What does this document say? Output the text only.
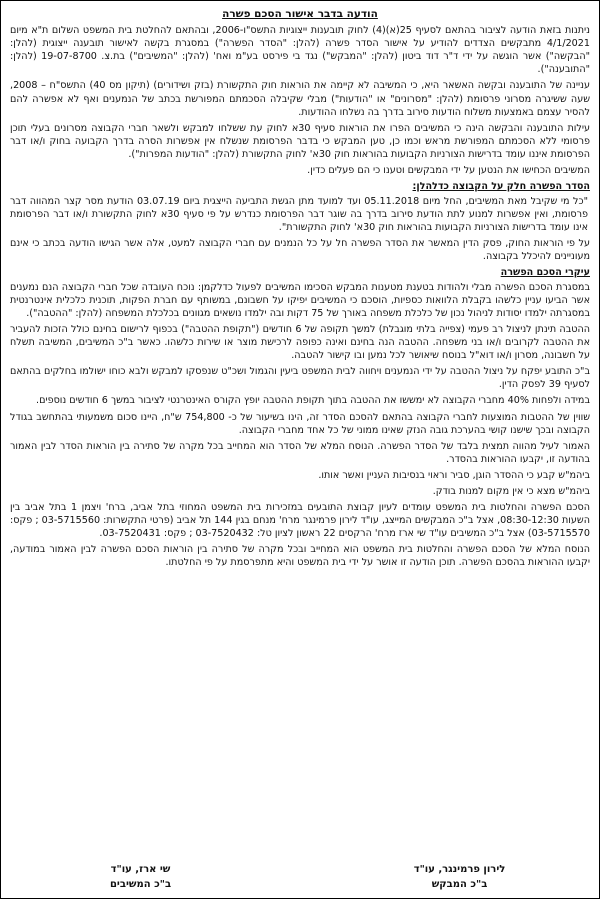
הודעה בדבר אישור הסכם פשרה

ניתנות בזאת הודעה לציבור בהתאם לסעיף 25(א)(4) לחוק תובענות ייצוגיות התשס"ו-2006, ובהתאם להחלטת בית המשפט השלום ת"א מיום 4/1/2021 מתבקשים הצדדים להודיע על אישור הסדר פשרה (להלן: "הסדר הפשרה") במסגרת בקשה לאישור תובענה ייצוגית (להלן: "הבקשה") אשר הוגשה על ידי ד"ר דוד ביטון (להלן: "המבקש") נגד בי פירסט בע"מ ואח' (להלן: "המשיבים") בת.צ. 19-07-8700 (להלן: "התובענה").

עניינה של התובענה ובקשה האשאר היא, כי המשיבה לא קיימה את הוראות חוק התקשורת (בזק ושידורים) (תיקון מס 40) התשס"ח – 2008, שעה ששיגרה מסרוני פרסומת (להלן: "מסרונים" או "הודעות") מבלי שקיבלה הסכמתם המפורשת בכתב של הנמענים ואף לא אפשרה להם להסיר עצמם באמצעות משלוח הודעות סירוב בדרך בה נשלחו ההודעות.

עילות התובענה והבקשה הינה כי המשיבים הפרו את הוראות סעיף 30א לחוק עת ששלחו למבקש ולשאר חברי הקבוצה מסרונים בעלי תוכן פרסומי ללא הסכמתם המפורשת מראש וכמו כן, טען המבקש כי בדבר הפרסומת שנשלח אין אפשרות הסרה בדרך הקבועה בחוק ו/או דבר הפרסומת איננו עומד בדרישות הצורניות הקבועות בהוראות חוק 30א' לחוק התקשורת (להלן: "הודעות המפרות").

המשיבים הכחישו את הנטען על ידי המבקשים וטענו כי הם פעלים כדין.

הסדר הפשרה חלק על הקבוצה כדלהלן:

"כל מי שקיבל מאת המשיבים, החל מיום 05.11.2018 ועד למועד מתן הגשת התביעה הייצגית ביום 03.07.19 הודעת מסר קצר המהווה דבר פרסומת, ואין אפשרות למנוע לתת הודעת סירוב בדרך בה שוגר דבר הפרסומת כנדרש על פי סעיף 30א לחוק התקשורת ו/או דבר הפרסומת אינו עומד בדרישות הצורניות הקבועות בהוראות חוק 30א' לחוק התקשורת".

על פי הוראות החוק, פסק הדין המאשר את הסדר הפשרה חל על כל הנמנים עם חברי הקבוצה למעט, אלה אשר הגישו הודעה בכתב כי אינם מעוניינים להיכלל בקבוצה.

עיקרי הסכם הפשרה

במסגרת הסכם הפשרה מבלי ולהודות בטענת מטענות המבקש הסכימו המשיבים לפעול כדלקמן: נוכח העובדה שכל חברי הקבוצה הנם נמענים אשר הביעו עניין כלשהו בקבלת הלוואות כספיות, הוסכם כי המשיבים יפיקו על חשבונם, במשותף עם חברת הפקות, תוכנית כלכלית אינטרנטית במסגרתה ילמדו יסודות לניהול נכון של כלכלת משפחה באורך של 75 דקות ובה ילמדו נושאים מגוונים בכלכלת המשפחה (להלן: "ההטבה").

ההטבה תינתן לניצול רב פעמי (צפייה בלתי מוגבלת) למשך תקופה של 6 חודשים ("תקופת ההטבה") בכפוף לרישום בחינם כולל הזכות להעביר את ההטבה לקרובים ו/או בני משפחה. ההטבה הנה בחינם ואינה כפופה לרכישת מוצר או שירות כלשהו. כאשר ב"כ המשיבים, המשיבה תשלח על חשבונה, מסרון ו/או דוא"ל בנוסח שיאושר לכל נמען ובו קישור להטבה.

ב"כ התובע יפקח על ניצול ההטבה על ידי הנמענים ויחווה לבית המשפט ביעין והגמול ושכ"ט שנפסקו למבקש ולבא כוחו ישולמו בחלקים בהתאם לסעיף 39 לפסק הדין.

במידה ולפחות 40% מחברי הקבוצה לא ימששו את ההטבה בתוך תקופת ההטבה יופץ הקורס האינטרנטי לציבור במשך 6 חודשים נוספים.

שווין של ההטבות המוצעות לחברי הקבוצה בהתאם להסכם הסדר זה, הינו בשיעור של כ- 754,800 ש"ח, היינו סכום משמעותי בהתחשב בגודל הקבוצה ובכך שישנו קושי בהערכת גובה הנזק שאינו ממוני של כל אחד מחברי הקבוצה.

האמור לעיל מהווה תמצית בלבד של הסדר הפשרה. הנוסח המלא של הסדר הוא המחייב בכל מקרה של סתירה בין הוראות הסדר לבין האמור בהודעה זו, יקבעו ההוראות בהסדר.

ביהמ"ש קבע כי ההסדר הוגן, סביר וראוי בנסיבות העניין ואשר אותו.

ביהמ"ש מצא כי אין מקום למנות בודק.

הסכם הפשרה והחלטות בית המשפט עומדים לעיון קבוצת התובעים במזכירות בית המשפט המחוזי בתל אביב, ברח' ויצמן 1 בתל אביב בין השעות 08:30-12:30, אצל ב"כ המבקשים המייצג, עו"ד לירון פרמינגר מרח' מנחם בגין 144 תל אביב (פרטי התקשרות: 03-5715560 ; פקס: 03-5715570) אצל ב"כ המשיבים עו"ד שי ארז מרח' הרקסים 22 ראשון לציון טל: 03-7520432 ; פקס: 03-7520431.

הנוסח המלא של הסכם הפשרה והחלטות בית המשפט הוא המחייב ובכל מקרה של סתירה בין הוראות הסכם הפשרה לבין האמור במודעה, יקבעו ההוראות בהסכם הפשרה. תוכן הודעה זו אושר על ידי בית המשפט והיא מתפרסמת על פי החלטתו.

לירון פרמינגר, עו"ד
ב"כ המבקש
שי ארז, עו"ד
ב"כ המשיבים
